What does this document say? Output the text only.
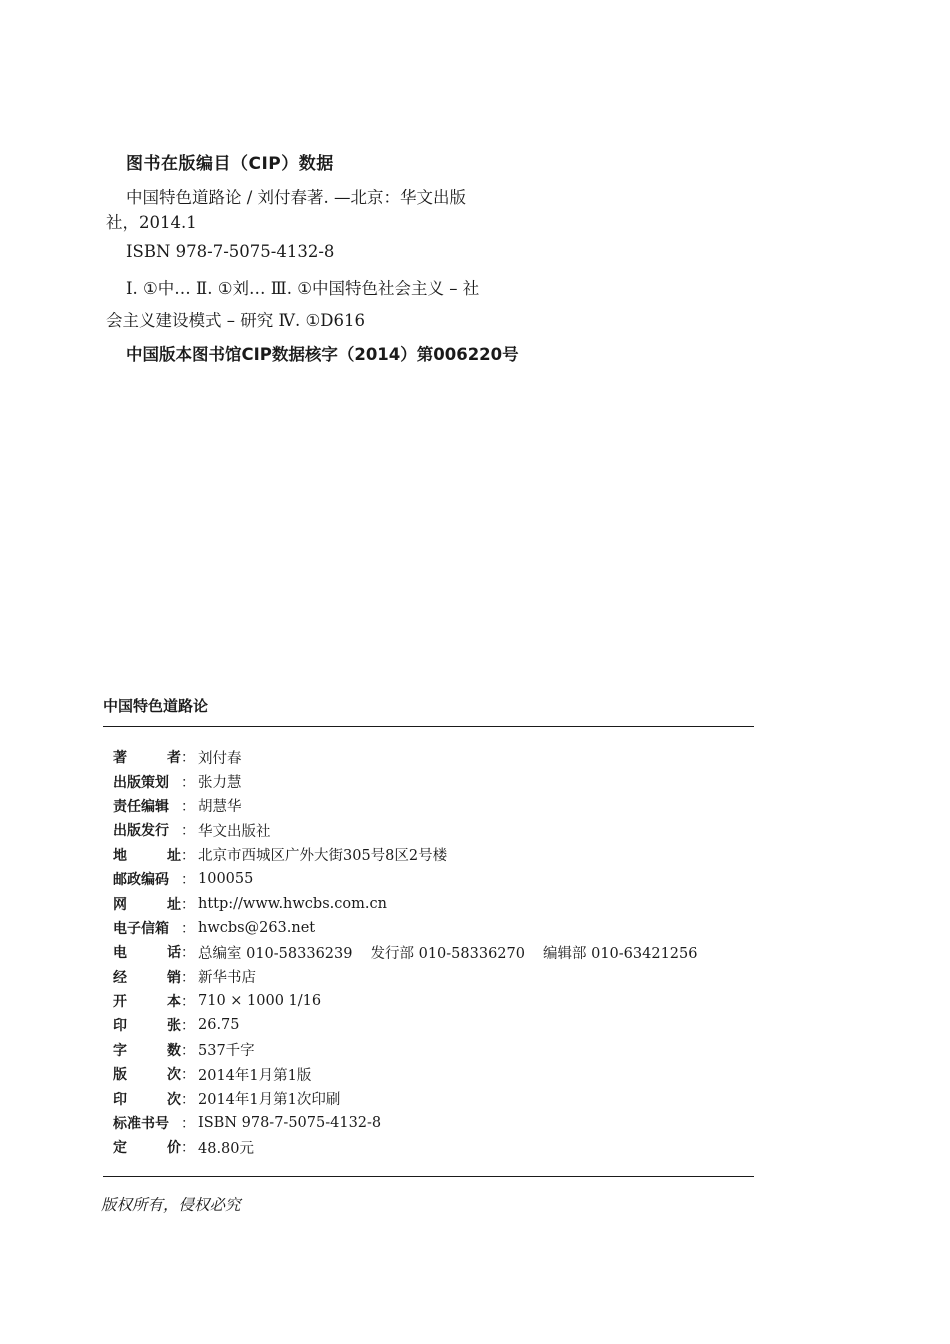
图书在版编目（CIP）数据
中国特色道路论 / 刘付春著. —北京：华文出版
社，2014.1
ISBN 978-7-5075-4132-8
Ⅰ. ①中… Ⅱ. ①刘… Ⅲ. ①中国特色社会主义 – 社
会主义建设模式 – 研究 Ⅳ. ①D616
中国版本图书馆CIP数据核字（2014）第006220号
中国特色道路论
著	者 ： 刘付春
出版策划 ： 张力慧
责任编辑 ： 胡慧华
出版发行 ： 华文出版社
地	址 ： 北京市西城区广外大街305号8区2号楼
邮政编码 ： 100055
网	址 ： http://www.hwcbs.com.cn
电子信箱 ： hwcbs@263.net
电	话 ： 总编室 010-58336239 发行部 010-58336270 编辑部 010-63421256
经	销 ： 新华书店
开	本 ： 710 × 1000 1/16
印	张 ： 26.75
字	数 ： 537千字
版	次 ： 2014年1月第1版
印	次 ： 2014年1月第1次印刷
标准书号 ： ISBN 978-7-5075-4132-8
定	价 ： 48.80元
版权所有，侵权必究
